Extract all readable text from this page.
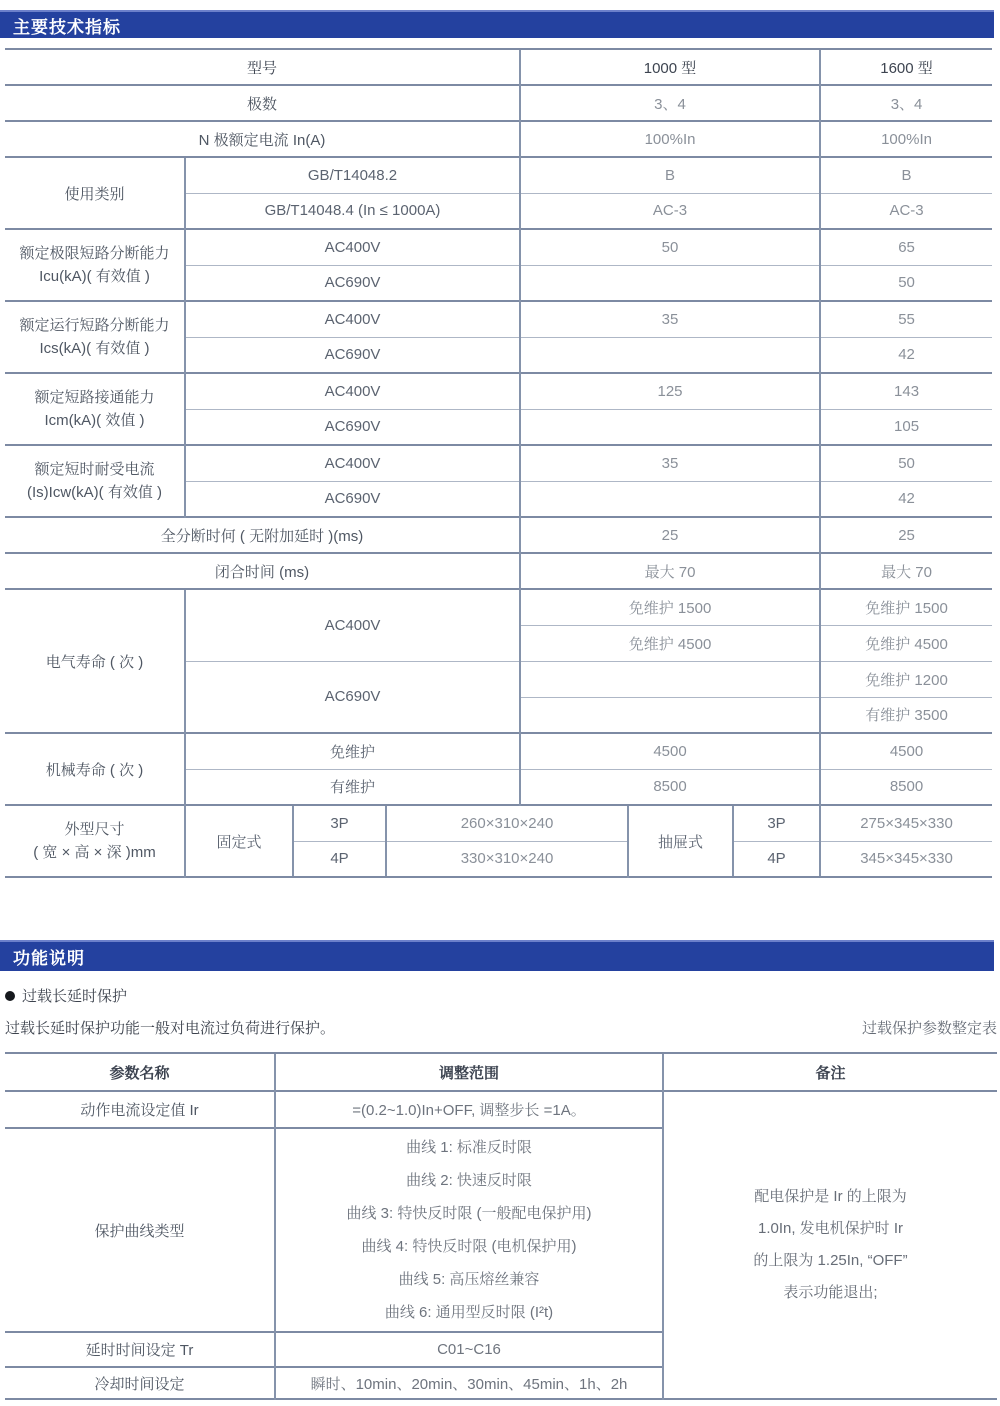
主要技术指标
型号				1000 型			1600 型
极数				3、4			3、4
N 极额定电流 In(A)				100%In			100%In
使用类别	GB/T14048.2			B			B
	GB/T14048.4 (In ≤ 1000A)			AC-3			AC-3
额定极限短路分断能力
Icu(kA)( 有效值 )	AC400V			50			65
	AC690V						50
额定运行短路分断能力
Ics(kA)( 有效值 )	AC400V			35			55
	AC690V						42
额定短路接通能力
Icm(kA)( 效值 )	AC400V			125			143
	AC690V						105
额定短时耐受电流
(Is)Icw(kA)( 有效值 )	AC400V			35			50
	AC690V						42
全分断时何 ( 无附加延时 )(ms)				25			25
闭合时间 (ms)				最大 70			最大 70
电气寿命 ( 次 )	AC400V			免维护 1500			免维护 1500
				免维护 4500			免维护 4500
	AC690V						免维护 1200
							有维护 3500
机械寿命 ( 次 )	免维护			4500			4500
	有维护			8500			8500
外型尺寸
( 宽 × 高 × 深 )mm	固定式	3P	260×310×240		抽屉式	3P	275×345×330
		4P	330×310×240			4P	345×345×330
功能说明
过载长延时保护
过载长延时保护功能一般对电流过负荷进行保护。	过载保护参数整定表
参数名称	调整范围	备注
动作电流设定值 Ir	=(0.2~1.0)In+OFF, 调整步长 =1A。	配电保护是 Ir 的上限为
1.0In, 发电机保护时 Ir
的上限为 1.25In, “OFF”
表示功能退出;
保护曲线类型	曲线 1: 标准反时限
曲线 2: 快速反时限
曲线 3: 特快反时限 (一般配电保护用)
曲线 4: 特快反时限 (电机保护用)
曲线 5: 高压熔丝兼容
曲线 6: 通用型反时限 (I²t)
延时时间设定 Tr	C01~C16	
冷却时间设定	瞬时、10min、20min、30min、45min、1h、2h	
